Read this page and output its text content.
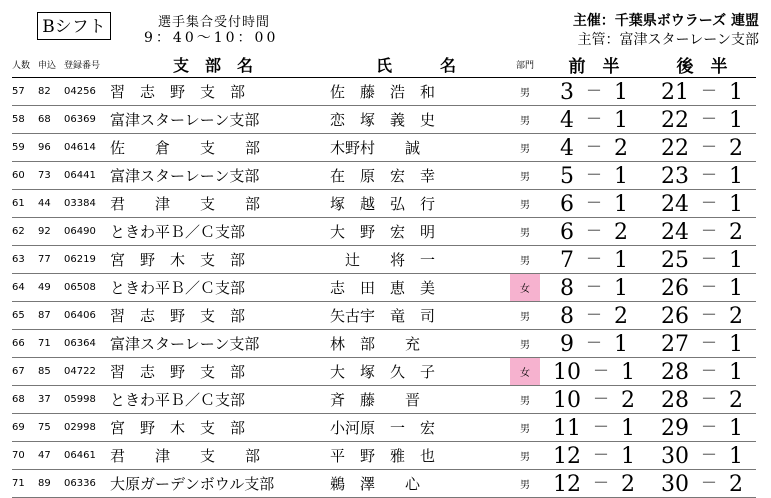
Bシフト	選手集合受付時間
9：40～10：00
主催：千葉県ボウラーズ 連盟
主管：富津スターレーン支部
人数	申込	登録番号	支　部　名	氏　　　名	部門	前　半	後　半
57	82	04256	習　志　野　支　部	佐　藤　浩　和	男	3 － 1	21 － 1
58	68	06369	富津スターレーン支部	恋　塚　義　史	男	4 － 1	22 － 1
59	96	04614	佐　　倉　　支　　部	木野村　　誠	男	4 － 2	22 － 2
60	73	06441	富津スターレーン支部	在　原　宏　幸	男	5 － 1	23 － 1
61	44	03384	君　　津　　支　　部	塚　越　弘　行	男	6 － 1	24 － 1
62	92	06490	ときわ平Ｂ／Ｃ支部	大　野　宏　明	男	6 － 2	24 － 2
63	77	06219	宮　野　木　支　部	　辻　　将　一	男	7 － 1	25 － 1
64	49	06508	ときわ平Ｂ／Ｃ支部	志　田　恵　美	女	8 － 1	26 － 1
65	87	06406	習　志　野　支　部	矢古宇　竜　司	男	8 － 2	26 － 2
66	71	06364	富津スターレーン支部	林　部　　充	男	9 － 1	27 － 1
67	85	04722	習　志　野　支　部	大　塚　久　子	女	10 － 1	28 － 1
68	37	05998	ときわ平Ｂ／Ｃ支部	斉　藤　　晋	男	10 － 2	28 － 2
69	75	02998	宮　野　木　支　部	小河原　一　宏	男	11 － 1	29 － 1
70	47	06461	君　　津　　支　　部	平　野　雅　也	男	12 － 1	30 － 1
71	89	06336	大原ガーデンボウル支部	鵜　澤　　心	男	12 － 2	30 － 2
